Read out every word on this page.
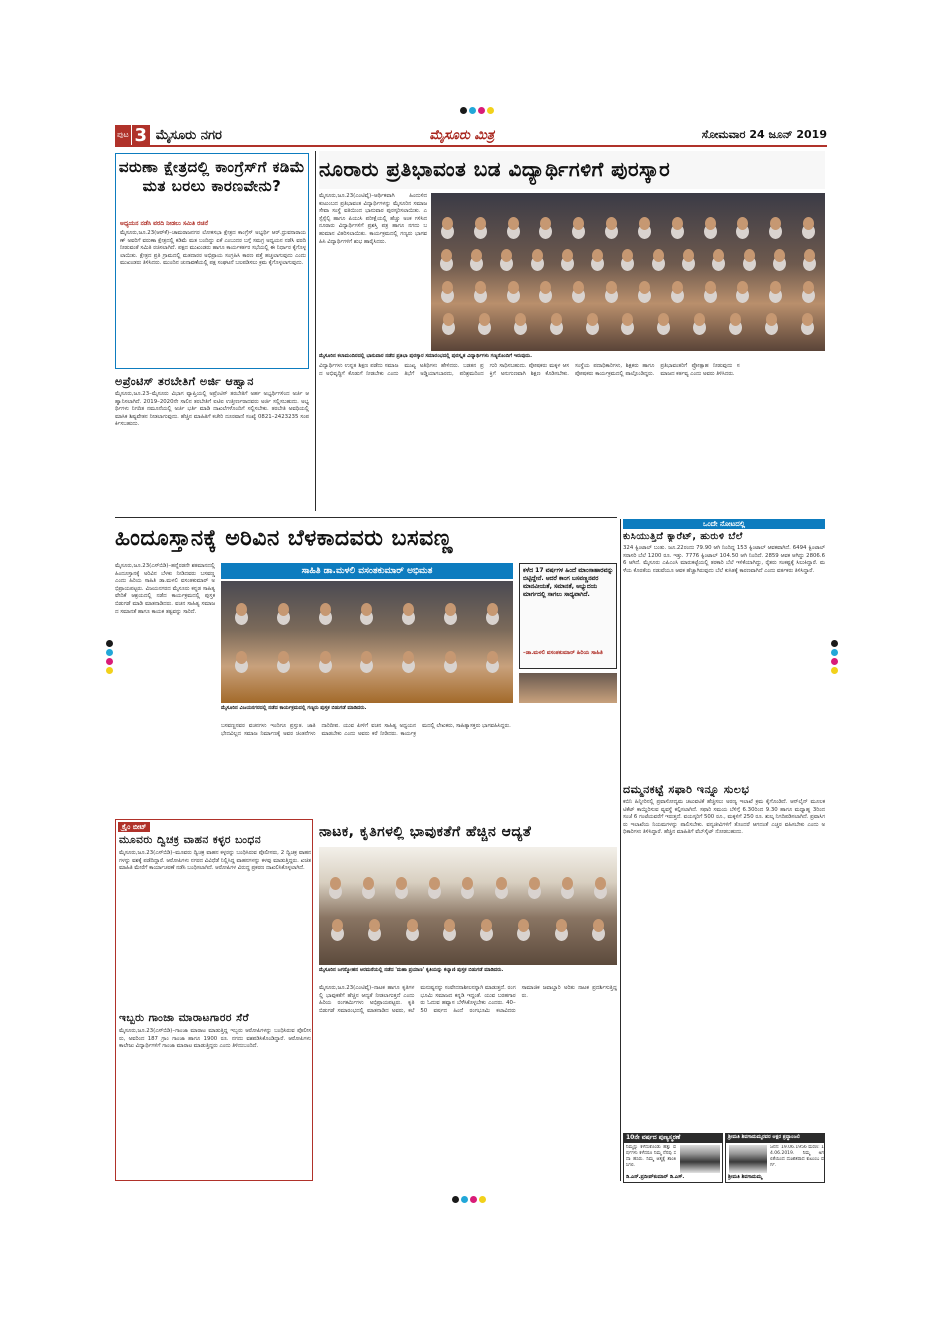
ಪುಟ 3 ಮೈಸೂರು ನಗರ	ಮೈಸೂರು ಮಿತ್ರ	ಸೋಮವಾರ 24 ಜೂನ್ 2019
ವರುಣಾ ಕ್ಷೇತ್ರದಲ್ಲಿ ಕಾಂಗ್ರೆಸ್‌ಗೆ ಕಡಿಮೆ ಮತ ಬರಲು ಕಾರಣವೇನು?
ಅಧ್ಯಯನ ನಡೆಸಿ ವರದಿ ನೀಡಲು ಸಮಿತಿ ರಚನೆ
ಮೈಸೂರು,ಜೂ.23(ಆರ್‌ಕೆ)–ಚಾಮರಾಜನಗರ ಲೋಕಸಭಾ ಕ್ಷೇತ್ರದ ಕಾಂಗ್ರೆಸ್ ಅಭ್ಯರ್ಥಿ ಆರ್.ಧ್ರುವನಾರಾಯಣ್ ಅವರಿಗೆ ವರುಣಾ ಕ್ಷೇತ್ರದಲ್ಲಿ ಕಡಿಮೆ ಮತ ಬಂದಿದ್ದು ಏಕೆ ಎಂಬುದರ ಬಗ್ಗೆ ಸಮಗ್ರ ಅಧ್ಯಯನ ನಡೆಸಿ ವರದಿ ನೀಡುವಂತೆ ಸಮಿತಿ ರಚಿಸಲಾಗಿದೆ. ಪಕ್ಷದ ಮುಖಂಡರು ಹಾಗೂ ಕಾರ್ಯಕರ್ತರ ಸಭೆಯಲ್ಲಿ ಈ ನಿರ್ಧಾರ ಕೈಗೊಳ್ಳಲಾಯಿತು. ಕ್ಷೇತ್ರದ ಪ್ರತಿ ಗ್ರಾಮದಲ್ಲಿ ಮತದಾರರ ಅಭಿಪ್ರಾಯ ಸಂಗ್ರಹಿಸಿ ಕಾರಣ ಪತ್ತೆ ಹಚ್ಚಲಾಗುವುದು ಎಂದು ಮುಖಂಡರು ತಿಳಿಸಿದರು. ಮುಂದಿನ ಚುನಾವಣೆಯಲ್ಲಿ ಪಕ್ಷ ಸಂಘಟನೆ ಬಲಪಡಿಸಲು ಕ್ರಮ ಕೈಗೊಳ್ಳಲಾಗುವುದು.
ಅಪ್ರೆಂಟಿಸ್ ತರಬೇತಿಗೆ ಅರ್ಜಿ ಆಹ್ವಾನ
ಮೈಸೂರು,ಜೂ.23–ಮೈಸೂರು ವಿಭಾಗ ವ್ಯಾಪ್ತಿಯಲ್ಲಿ ಅಪ್ರೆಂಟಿಸ್ ತರಬೇತಿಗೆ ಅರ್ಹ ಅಭ್ಯರ್ಥಿಗಳಿಂದ ಅರ್ಜಿ ಆಹ್ವಾನಿಸಲಾಗಿದೆ. 2019–2020ನೇ ಸಾಲಿನ ತರಬೇತಿಗೆ ಐಟಿಐ ಉತ್ತೀರ್ಣರಾದವರು ಅರ್ಜಿ ಸಲ್ಲಿಸಬಹುದು. ಅಭ್ಯರ್ಥಿಗಳು ನಿಗದಿತ ನಮೂನೆಯಲ್ಲಿ ಅರ್ಜಿ ಭರ್ತಿ ಮಾಡಿ ದಾಖಲೆಗಳೊಂದಿಗೆ ಸಲ್ಲಿಸಬೇಕು. ತರಬೇತಿ ಅವಧಿಯಲ್ಲಿ ಮಾಸಿಕ ಶಿಷ್ಯವೇತನ ನೀಡಲಾಗುವುದು. ಹೆಚ್ಚಿನ ಮಾಹಿತಿಗೆ ಕಚೇರಿ ದೂರವಾಣಿ ಸಂಖ್ಯೆ 0821–2423235 ಸಂಪರ್ಕಿಸಬಹುದು.
ನೂರಾರು ಪ್ರತಿಭಾವಂತ ಬಡ ವಿದ್ಯಾರ್ಥಿಗಳಿಗೆ ಪುರಸ್ಕಾರ
ಮೈಸೂರು,ಜೂ.23(ಎಂಟಿವೈ)–ಆರ್ಥಿಕವಾಗಿ ಹಿಂದುಳಿದ ಕುಟುಂಬದ ಪ್ರತಿಭಾವಂತ ವಿದ್ಯಾರ್ಥಿಗಳನ್ನು ಮೈಸೂರಿನ ಸಮಾಜ ಸೇವಾ ಸಂಸ್ಥೆ ವತಿಯಿಂದ ಭಾನುವಾರ ಪುರಸ್ಕರಿಸಲಾಯಿತು. ಎಸ್ಸೆಸ್ಸೆಲ್ಸಿ ಹಾಗೂ ಪಿಯುಸಿ ಪರೀಕ್ಷೆಯಲ್ಲಿ ಹೆಚ್ಚು ಅಂಕ ಗಳಿಸಿದ ನೂರಾರು ವಿದ್ಯಾರ್ಥಿಗಳಿಗೆ ಪ್ರಶಸ್ತಿ ಪತ್ರ ಹಾಗೂ ನಗದು ಬಹುಮಾನ ವಿತರಿಸಲಾಯಿತು. ಕಾರ್ಯಕ್ರಮದಲ್ಲಿ ಗಣ್ಯರು ಭಾಗವಹಿಸಿ ವಿದ್ಯಾರ್ಥಿಗಳಿಗೆ ಶುಭ ಹಾರೈಸಿದರು.
ಮೈಸೂರಿನ ಕಲಾಮಂದಿರದಲ್ಲಿ ಭಾನುವಾರ ನಡೆದ ಪ್ರತಿಭಾ ಪುರಸ್ಕಾರ ಸಮಾರಂಭದಲ್ಲಿ ಪುರಸ್ಕೃತ ವಿದ್ಯಾರ್ಥಿಗಳು ಗಣ್ಯರೊಂದಿಗೆ ಇರುವುದು.
ವಿದ್ಯಾರ್ಥಿಗಳು ಉನ್ನತ ಶಿಕ್ಷಣ ಪಡೆದು ಸಮಾಜದ ಅಭಿವೃದ್ಧಿಗೆ ಕೊಡುಗೆ ನೀಡಬೇಕು ಎಂದು ಮುಖ್ಯ ಅತಿಥಿಗಳು ಹೇಳಿದರು. ಬಡತನ ಪ್ರತಿಭೆಗೆ ಅಡ್ಡಿಯಾಗಬಾರದು, ಪರಿಶ್ರಮದಿಂದ ಗುರಿ ಸಾಧಿಸಬಹುದು. ಪೋಷಕರು ಮಕ್ಕಳ ಆಸಕ್ತಿಗೆ ಅನುಗುಣವಾಗಿ ಶಿಕ್ಷಣ ಕೊಡಿಸಬೇಕು. ಸಂಸ್ಥೆಯ ಪದಾಧಿಕಾರಿಗಳು, ಶಿಕ್ಷಕರು ಹಾಗೂ ಪೋಷಕರು ಕಾರ್ಯಕ್ರಮದಲ್ಲಿ ಪಾಲ್ಗೊಂಡಿದ್ದರು. ಪ್ರತಿಭಾವಂತರಿಗೆ ಪ್ರೋತ್ಸಾಹ ನೀಡುವುದು ಸಮಾಜದ ಕರ್ತವ್ಯ ಎಂದು ಅವರು ತಿಳಿಸಿದರು.
ಹಿಂದೂಸ್ತಾನಕ್ಕೆ ಅರಿವಿನ ಬೆಳಕಾದವರು ಬಸವಣ್ಣ
ಮೈಸೂರು,ಜೂ.23(ಎಸ್‌ಬಿಡಿ)–ಹನ್ನೆರಡನೇ ಶತಮಾನದಲ್ಲಿ ಹಿಂದೂಸ್ತಾನಕ್ಕೆ ಅರಿವಿನ ಬೆಳಕು ನೀಡಿದವರು ಬಸವಣ್ಣ ಎಂದು ಹಿರಿಯ ಸಾಹಿತಿ ಡಾ.ಮಳಲಿ ವಸಂತಕುಮಾರ್ ಅಭಿಪ್ರಾಯಪಟ್ಟರು. ವಿಜಯನಗರದ ಮೈಸೂರು ಕನ್ನಡ ಸಾಹಿತ್ಯ ವೇದಿಕೆ ಆಶ್ರಯದಲ್ಲಿ ನಡೆದ ಕಾರ್ಯಕ್ರಮದಲ್ಲಿ ಪುಸ್ತಕ ಬಿಡುಗಡೆ ಮಾಡಿ ಮಾತನಾಡಿದರು. ವಚನ ಸಾಹಿತ್ಯ ಸಮಾಜದ ಸಮಾನತೆ ಹಾಗೂ ಕಾಯಕ ತತ್ವವನ್ನು ಸಾರಿದೆ.
ಸಾಹಿತಿ ಡಾ.ಮಳಲಿ ವಸಂತಕುಮಾರ್ ಅಭಿಮತ	ಕಳೆದ 17 ವರ್ಷಗಳ ಹಿಂದೆ ಮಾಂಸಾಹಾರವನ್ನು ಬಿಟ್ಟಿದ್ದೇನೆ. ಆದರೆ ಕಾಂಗ ಬಸವಣ್ಣನವರ ಮಾನವೀಯತೆ, ಸಮಾನತೆ, ಅಭ್ಯುದಯ ಮಾರ್ಗದಲ್ಲಿ ಸಾಗಲು ಸಾಧ್ಯವಾಗಿದೆ.
–ಡಾ.ಮಳಲಿ ವಸಂತಕುಮಾರ್ ಹಿರಿಯ ಸಾಹಿತಿ
ಮೈಸೂರಿನ ವಿಜಯನಗರದಲ್ಲಿ ನಡೆದ ಕಾರ್ಯಕ್ರಮದಲ್ಲಿ ಗಣ್ಯರು ಪುಸ್ತಕ ಬಿಡುಗಡೆ ಮಾಡಿದರು.
ಬಸವಣ್ಣನವರ ವಚನಗಳು ಇಂದಿಗೂ ಪ್ರಸ್ತುತ. ಜಾತಿ ಭೇದವಿಲ್ಲದ ಸಮಾಜ ನಿರ್ಮಾಣಕ್ಕೆ ಅವರ ಚಿಂತನೆಗಳು ದಾರಿದೀಪ. ಯುವ ಪೀಳಿಗೆ ವಚನ ಸಾಹಿತ್ಯ ಅಧ್ಯಯನ ಮಾಡಬೇಕು ಎಂದು ಅವರು ಕರೆ ನೀಡಿದರು. ಕಾರ್ಯಕ್ರಮದಲ್ಲಿ ಲೇಖಕರು, ಸಾಹಿತ್ಯಾಸಕ್ತರು ಭಾಗವಹಿಸಿದ್ದರು.
ಕ್ರೈಂ ಬೀಟ್
ಮೂವರು ದ್ವಿಚಕ್ರ ವಾಹನ ಕಳ್ಳರ ಬಂಧನ
ಮೈಸೂರು,ಜೂ.23(ಎಸ್‌ಬಿಡಿ)–ಮೂವರು ದ್ವಿಚಕ್ರ ವಾಹನ ಕಳ್ಳರನ್ನು ಬಂಧಿಸಿರುವ ಪೊಲೀಸರು, 2 ದ್ವಿಚಕ್ರ ವಾಹನಗಳನ್ನು ವಶಕ್ಕೆ ಪಡೆದಿದ್ದಾರೆ. ಆರೋಪಿಗಳು ನಗರದ ವಿವಿಧೆಡೆ ನಿಲ್ಲಿಸಿದ್ದ ವಾಹನಗಳನ್ನು ಕಳವು ಮಾಡುತ್ತಿದ್ದರು. ಖಚಿತ ಮಾಹಿತಿ ಮೇರೆಗೆ ಕಾರ್ಯಾಚರಣೆ ನಡೆಸಿ ಬಂಧಿಸಲಾಗಿದೆ. ಆರೋಪಿಗಳ ವಿರುದ್ಧ ಪ್ರಕರಣ ದಾಖಲಿಸಿಕೊಳ್ಳಲಾಗಿದೆ.
ಇಬ್ಬರು ಗಾಂಜಾ ಮಾರಾಟಗಾರರ ಸೆರೆ
ಮೈಸೂರು,ಜೂ.23(ಎಸ್‌ಬಿಡಿ)–ಗಾಂಜಾ ಮಾರಾಟ ಮಾಡುತ್ತಿದ್ದ ಇಬ್ಬರು ಆರೋಪಿಗಳನ್ನು ಬಂಧಿಸಿರುವ ಪೊಲೀಸರು, ಅವರಿಂದ 187 ಗ್ರಾಂ ಗಾಂಜಾ ಹಾಗೂ 1900 ರೂ. ನಗದು ವಶಪಡಿಸಿಕೊಂಡಿದ್ದಾರೆ. ಆರೋಪಿಗಳು ಕಾಲೇಜು ವಿದ್ಯಾರ್ಥಿಗಳಿಗೆ ಗಾಂಜಾ ಮಾರಾಟ ಮಾಡುತ್ತಿದ್ದರು ಎಂದು ತಿಳಿದುಬಂದಿದೆ.
ನಾಟಕ, ಕೃತಿಗಳಲ್ಲಿ ಭಾವುಕತೆಗೆ ಹೆಚ್ಚಿನ ಆದ್ಯತೆ
ಮೈಸೂರಿನ ಜಗನ್ಮೋಹನ ಅರಮನೆಯಲ್ಲಿ ನಡೆದ 'ಮಹಾ ಪ್ರಯಾಣ' ಕೃತಿಯನ್ನು ಕಲ್ಯಾಣಿ ಪುಸ್ತಕ ಬಿಡುಗಡೆ ಮಾಡಿದರು.
ಮೈಸೂರು,ಜೂ.23(ಎಂಟಿವೈ)–ನಾಟಕ ಹಾಗೂ ಕೃತಿಗಳಲ್ಲಿ ಭಾವುಕತೆಗೆ ಹೆಚ್ಚಿನ ಆದ್ಯತೆ ನೀಡಲಾಗುತ್ತದೆ ಎಂದು ಹಿರಿಯ ರಂಗಕರ್ಮಿಗಳು ಅಭಿಪ್ರಾಯಪಟ್ಟರು. ಕೃತಿ ಬಿಡುಗಡೆ ಸಮಾರಂಭದಲ್ಲಿ ಮಾತನಾಡಿದ ಅವರು, ಕಲೆ ಮನುಷ್ಯನನ್ನು ಸಂವೇದನಾಶೀಲನನ್ನಾಗಿ ಮಾಡುತ್ತದೆ. ರಂಗಭೂಮಿ ಸಮಾಜದ ಕನ್ನಡಿ ಇದ್ದಂತೆ. ಯುವ ಬರಹಗಾರರು ಓದುವ ಹವ್ಯಾಸ ಬೆಳೆಸಿಕೊಳ್ಳಬೇಕು ಎಂದರು. 40–50 ವರ್ಷದ ಹಿಂದೆ ರಂಗಭೂಮಿ ಕಲಾವಿದರು ಸಾಮಾಜಿಕ ಜವಾಬ್ದಾರಿ ಅರಿತು ನಾಟಕ ಪ್ರದರ್ಶಿಸುತ್ತಿದ್ದರು.
ಒಂದೇ ನೋಟದಲ್ಲಿ
ಕುಸಿಯುತ್ತಿದೆ ಕ್ಯಾರೆಟ್, ಹುರುಳಿ ಬೆಲೆ
324 ಕ್ವಿಂಟಾಲ್ ಬಂತು. ಜೂ.22ರಂದು 79.90 ಆಗಿ ನಿಂದಿದ್ದ 153 ಕ್ವಿಂಟಾಲ್ ಆವಕವಾಗಿದೆ. 6494 ಕ್ವಿಂಟಾಲ್ ಸರಾಸರಿ ಬೆಲೆ 1200 ರೂ. ಇತ್ತು. 7776 ಕ್ವಿಂಟಾಲ್ 104.50 ಆಗಿ ನಿಂದಿದೆ. 2859 ಆವಕ ಆಗಿದ್ದು 2806.66 ಆಗಿದೆ. ಮೈಸೂರು ಎಪಿಎಂಸಿ ಮಾರುಕಟ್ಟೆಯಲ್ಲಿ ತರಕಾರಿ ಬೆಲೆ ಇಳಿಕೆಯಾಗಿದ್ದು, ರೈತರು ಸಂಕಷ್ಟಕ್ಕೆ ಸಿಲುಕಿದ್ದಾರೆ. ಮಳೆಯ ಕೊರತೆಯ ನಡುವೆಯೂ ಆವಕ ಹೆಚ್ಚಾಗಿರುವುದು ಬೆಲೆ ಕುಸಿತಕ್ಕೆ ಕಾರಣವಾಗಿದೆ ಎಂದು ವರ್ತಕರು ತಿಳಿಸಿದ್ದಾರೆ.
ದಮ್ಮನಕಟ್ಟೆ ಸಫಾರಿ ಇನ್ನೂ ಸುಲಭ
ಕಬಿನಿ ಹಿನ್ನೀರಿನಲ್ಲಿ ಪ್ರವಾಸೋದ್ಯಮ ಚಟುವಟಿಕೆ ಹೆಚ್ಚಿಸಲು ಅರಣ್ಯ ಇಲಾಖೆ ಕ್ರಮ ಕೈಗೊಂಡಿದೆ. ಆನ್‌ಲೈನ್ ಮೂಲಕ ಟಿಕೆಟ್ ಕಾಯ್ದಿರಿಸುವ ವ್ಯವಸ್ಥೆ ಕಲ್ಪಿಸಲಾಗಿದೆ. ಸಫಾರಿ ಸಮಯ ಬೆಳಿಗ್ಗೆ 6.30ರಿಂದ 9.30 ಹಾಗೂ ಮಧ್ಯಾಹ್ನ 3ರಿಂದ ಸಂಜೆ 6 ಗಂಟೆಯವರೆಗೆ ಇರುತ್ತದೆ. ವಯಸ್ಕರಿಗೆ 500 ರೂ., ಮಕ್ಕಳಿಗೆ 250 ರೂ. ಶುಲ್ಕ ನಿಗದಿಪಡಿಸಲಾಗಿದೆ. ಪ್ರವಾಸಿಗರು ಇಲಾಖೆಯ ನಿಯಮಗಳನ್ನು ಪಾಲಿಸಬೇಕು. ವನ್ಯಜೀವಿಗಳಿಗೆ ತೊಂದರೆ ಆಗದಂತೆ ಎಚ್ಚರ ವಹಿಸಬೇಕು ಎಂದು ಅಧಿಕಾರಿಗಳು ತಿಳಿಸಿದ್ದಾರೆ. ಹೆಚ್ಚಿನ ಮಾಹಿತಿಗೆ ವೆಬ್‌ಸೈಟ್ ನೋಡಬಹುದು.
10ನೇ ವರ್ಷದ ಪುಣ್ಯಸ್ಮರಣೆ
ನಿಮ್ಮನ್ನು ಕಳೆದುಕೊಂಡು ಹತ್ತು ವರ್ಷಗಳು ಕಳೆದರೂ ನಿಮ್ಮ ನೆನಪು ಸದಾ ಹಸಿರು. ನಿಮ್ಮ ಆತ್ಮಕ್ಕೆ ಶಾಂತಿ ಸಿಗಲಿ.
ಡಿ.ಎನ್.ಪ್ರದೀಪ್‌ಕುಮಾರ್ ಡಿ.ಎಸ್.
ಶ್ರೀಮತಿ ಶಿವಗಾಮಮ್ಮರವರ ಅಕ್ಷರ ಶ್ರದ್ಧಾಂಜಲಿ
ಜನನ: 19.06.1956 ಮರಣ: 14.06.2019. ನಿಮ್ಮ ಅಗಲಿಕೆಯಿಂದ ದುಃಖಿತರಾದ ಕುಟುಂಬ ವರ್ಗ.
ಶ್ರೀಮತಿ ಶಿವಗಾಮಮ್ಮ
